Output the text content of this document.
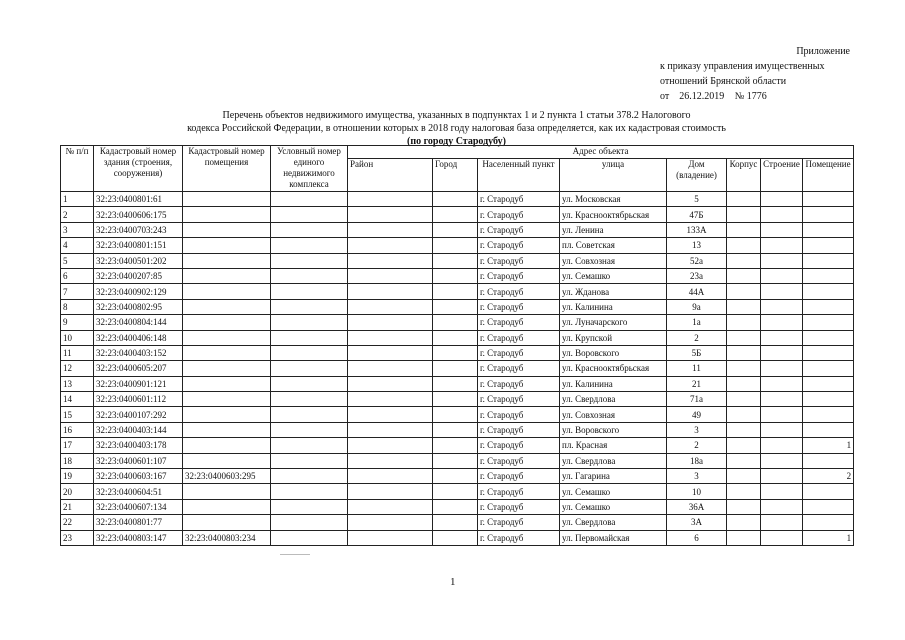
Приложение
к приказу управления имущественных
отношений Брянской области
от 26.12.2019 № 1776
Перечень объектов недвижимого имущества, указанных в подпунктах 1 и 2 пункта 1 статьи 378.2 Налогового
кодекса Российской Федерации, в отношении которых в 2018 году налоговая база определяется, как их кадастровая стоимость
(по городу Стародубу)
№ п/п	Кадастровый номер здания (строения, сооружения)	Кадастровый номер помещения	Условный номер единого недвижимого комплекса	Адрес объекта							
				Район	Город	Населенный пункт	улица	Дом (владение)	Корпус	Строение	Помещение
1	32:23:0400801:61					г. Стародуб	ул. Московская	5			
2	32:23:0400606:175					г. Стародуб	ул. Краснооктябрьская	47Б			
3	32:23:0400703:243					г. Стародуб	ул. Ленина	133А			
4	32:23:0400801:151					г. Стародуб	пл. Советская	13			
5	32:23:0400501:202					г. Стародуб	ул. Совхозная	52а			
6	32:23:0400207:85					г. Стародуб	ул. Семашко	23а			
7	32:23:0400902:129					г. Стародуб	ул. Жданова	44А			
8	32:23:0400802:95					г. Стародуб	ул. Калинина	9а			
9	32:23:0400804:144					г. Стародуб	ул. Луначарского	1а			
10	32:23:0400406:148					г. Стародуб	ул. Крупской	2			
11	32:23:0400403:152					г. Стародуб	ул. Воровского	5Б			
12	32:23:0400605:207					г. Стародуб	ул. Краснооктябрьская	11			
13	32:23:0400901:121					г. Стародуб	ул. Калинина	21			
14	32:23:0400601:112					г. Стародуб	ул. Свердлова	71а			
15	32:23:0400107:292					г. Стародуб	ул. Совхозная	49			
16	32:23:0400403:144					г. Стародуб	ул. Воровского	3			
17	32:23:0400403:178					г. Стародуб	пл. Красная	2			1
18	32:23:0400601:107					г. Стародуб	ул. Свердлова	18а			
19	32:23:0400603:167	32:23:0400603:295				г. Стародуб	ул. Гагарина	3			2
20	32:23:0400604:51					г. Стародуб	ул. Семашко	10			
21	32:23:0400607:134					г. Стародуб	ул. Семашко	36А			
22	32:23:0400801:77					г. Стародуб	ул. Свердлова	3А			
23	32:23:0400803:147	32:23:0400803:234				г. Стародуб	ул. Первомайская	6			1
1
